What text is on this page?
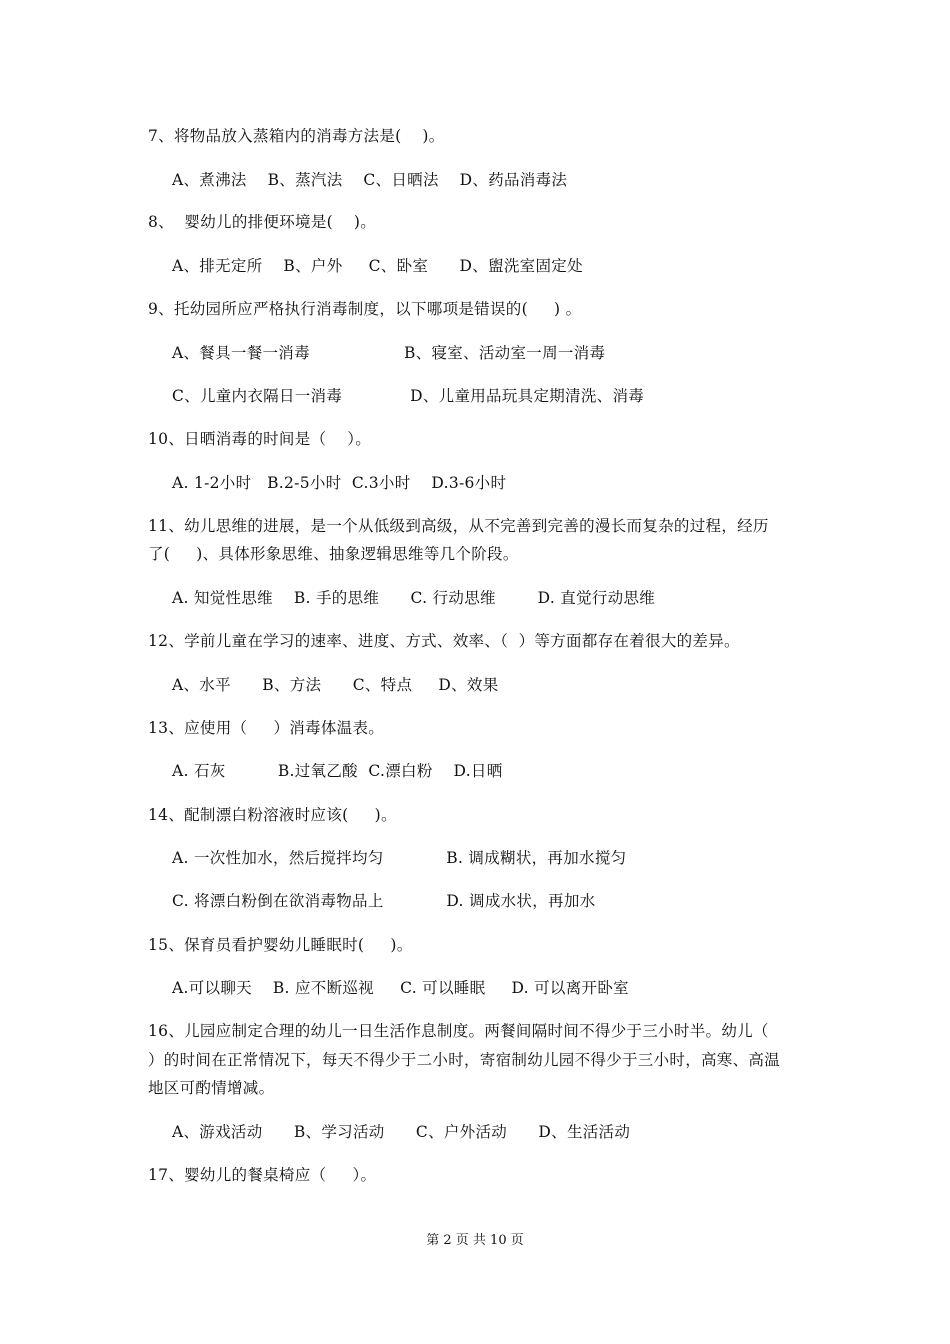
7、将物品放入蒸箱内的消毒方法是(    )。
A、煮沸法    B、蒸汽法    C、日晒法    D、药品消毒法
8、  婴幼儿的排便环境是(    )。
A、排无定所    B、户外     C、卧室      D、盥洗室固定处
9、托幼园所应严格执行消毒制度，以下哪项是错误的(     ) 。
A、餐具一餐一消毒                  B、寝室、活动室一周一消毒
C、儿童内衣隔日一消毒             D、儿童用品玩具定期清洗、消毒
10、日晒消毒的时间是（    ）。
A. 1-2小时   B.2-5小时  C.3小时    D.3-6小时
11、幼儿思维的进展，是一个从低级到高级，从不完善到完善的漫长而复杂的过程，经历
了(     )、具体形象思维、抽象逻辑思维等几个阶段。
A. 知觉性思维    B. 手的思维      C. 行动思维        D. 直觉行动思维
12、学前儿童在学习的速率、进度、方式、效率、（  ）等方面都存在着很大的差异。
A、水平      B、方法      C、特点     D、效果
13、应使用（     ）消毒体温表。
A. 石灰          B.过氧乙酸  C.漂白粉    D.日晒
14、配制漂白粉溶液时应该(     )。
A. 一次性加水，然后搅拌均匀            B. 调成糊状，再加水搅匀
C. 将漂白粉倒在欲消毒物品上            D. 调成水状，再加水
15、保育员看护婴幼儿睡眠时(     )。
A.可以聊天    B. 应不断巡视     C. 可以睡眠     D. 可以离开卧室
16、儿园应制定合理的幼儿一日生活作息制度。两餐间隔时间不得少于三小时半。幼儿（
）的时间在正常情况下，每天不得少于二小时，寄宿制幼儿园不得少于三小时，高寒、高温
地区可酌情增减。
A、游戏活动      B、学习活动      C、户外活动      D、生活活动
17、婴幼儿的餐桌椅应（     ）。
第 2 页 共 10 页
